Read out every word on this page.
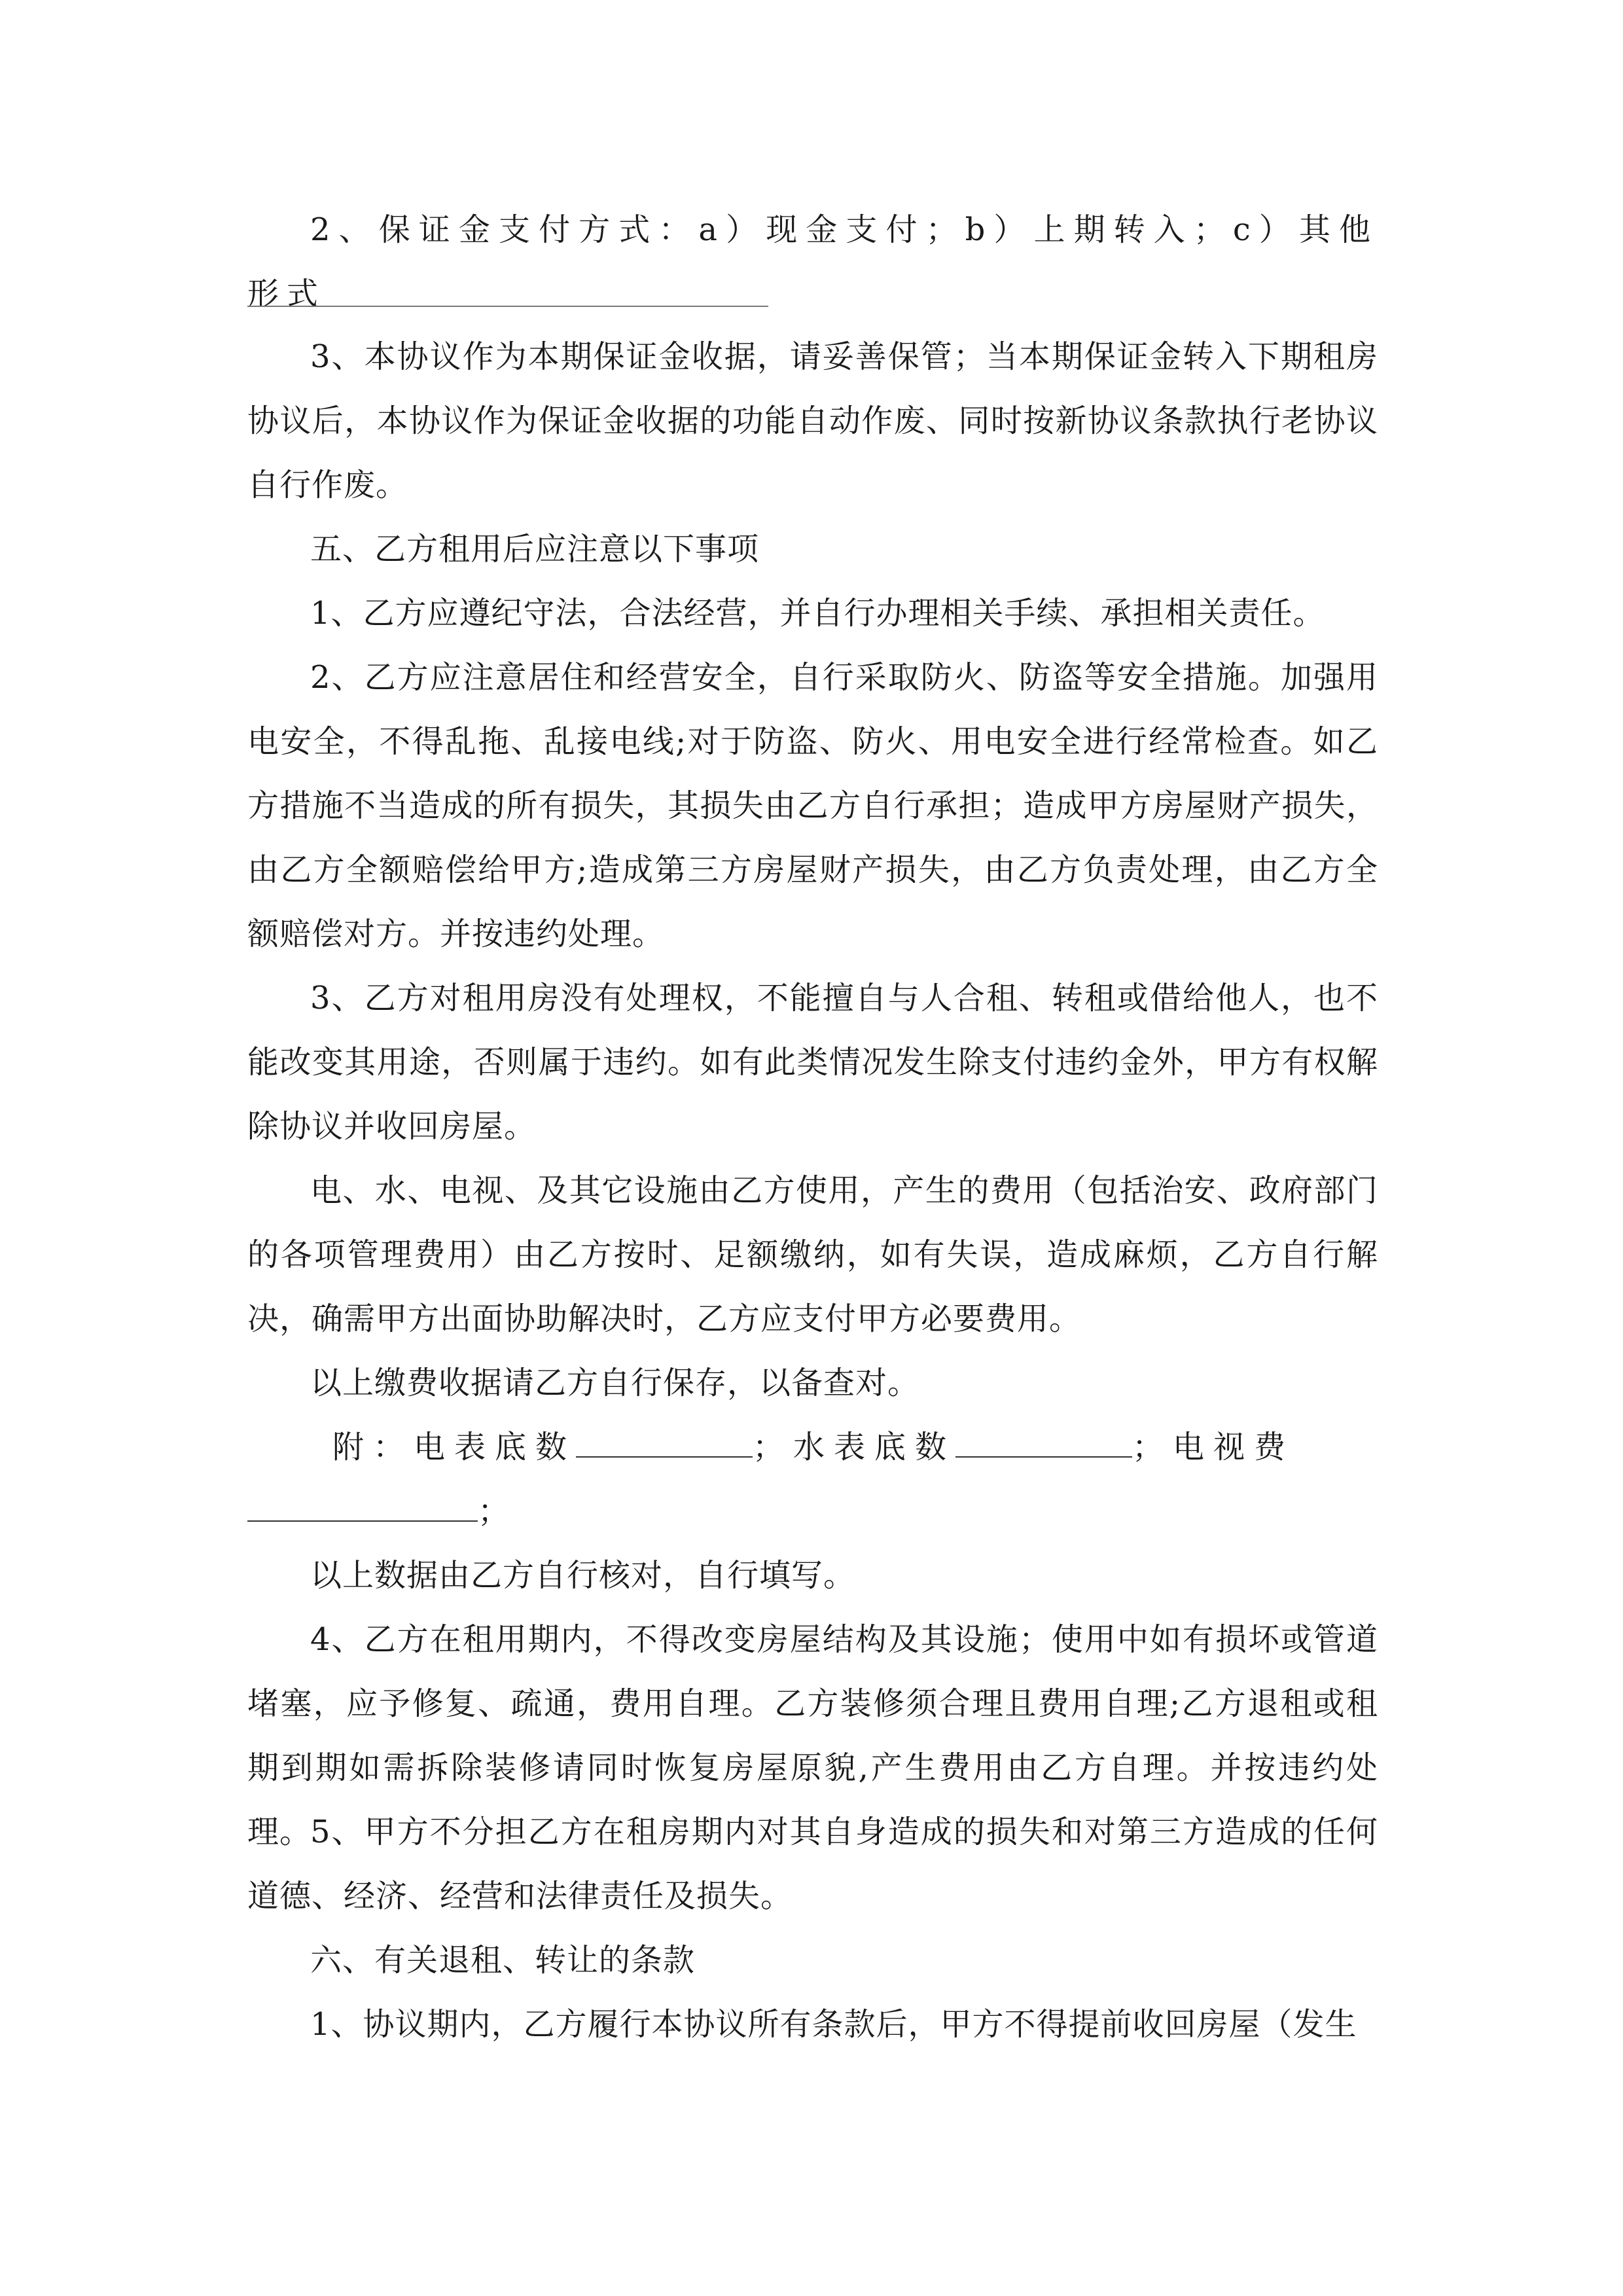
2、保证金支付方式：a）现金支付；b）上期转入；c）其他形式

3、本协议作为本期保证金收据，请妥善保管；当本期保证金转入下期租房协议后，本协议作为保证金收据的功能自动作废、同时按新协议条款执行老协议自行作废。

五、乙方租用后应注意以下事项

1、乙方应遵纪守法，合法经营，并自行办理相关手续、承担相关责任。

2、乙方应注意居住和经营安全，自行采取防火、防盗等安全措施。加强用电安全，不得乱拖、乱接电线;对于防盗、防火、用电安全进行经常检查。如乙方措施不当造成的所有损失，其损失由乙方自行承担；造成甲方房屋财产损失，由乙方全额赔偿给甲方;造成第三方房屋财产损失，由乙方负责处理，由乙方全额赔偿对方。并按违约处理。

3、乙方对租用房没有处理权，不能擅自与人合租、转租或借给他人，也不能改变其用途，否则属于违约。如有此类情况发生除支付违约金外，甲方有权解除协议并收回房屋。

电、水、电视、及其它设施由乙方使用，产生的费用（包括治安、政府部门的各项管理费用）由乙方按时、足额缴纳，如有失误，造成麻烦，乙方自行解决，确需甲方出面协助解决时，乙方应支付甲方必要费用。

以上缴费收据请乙方自行保存，以备查对。

附：电表底数	；水表底数	；电视费

；

以上数据由乙方自行核对，自行填写。

4、乙方在租用期内，不得改变房屋结构及其设施；使用中如有损坏或管道堵塞，应予修复、疏通，费用自理。乙方装修须合理且费用自理;乙方退租或租期到期如需拆除装修请同时恢复房屋原貌,产生费用由乙方自理。并按违约处理。

5、甲方不分担乙方在租房期内对其自身造成的损失和对第三方造成的任何道德、经济、经营和法律责任及损失。

六、有关退租、转让的条款

1、协议期内，乙方履行本协议所有条款后，甲方不得提前收回房屋（发生
